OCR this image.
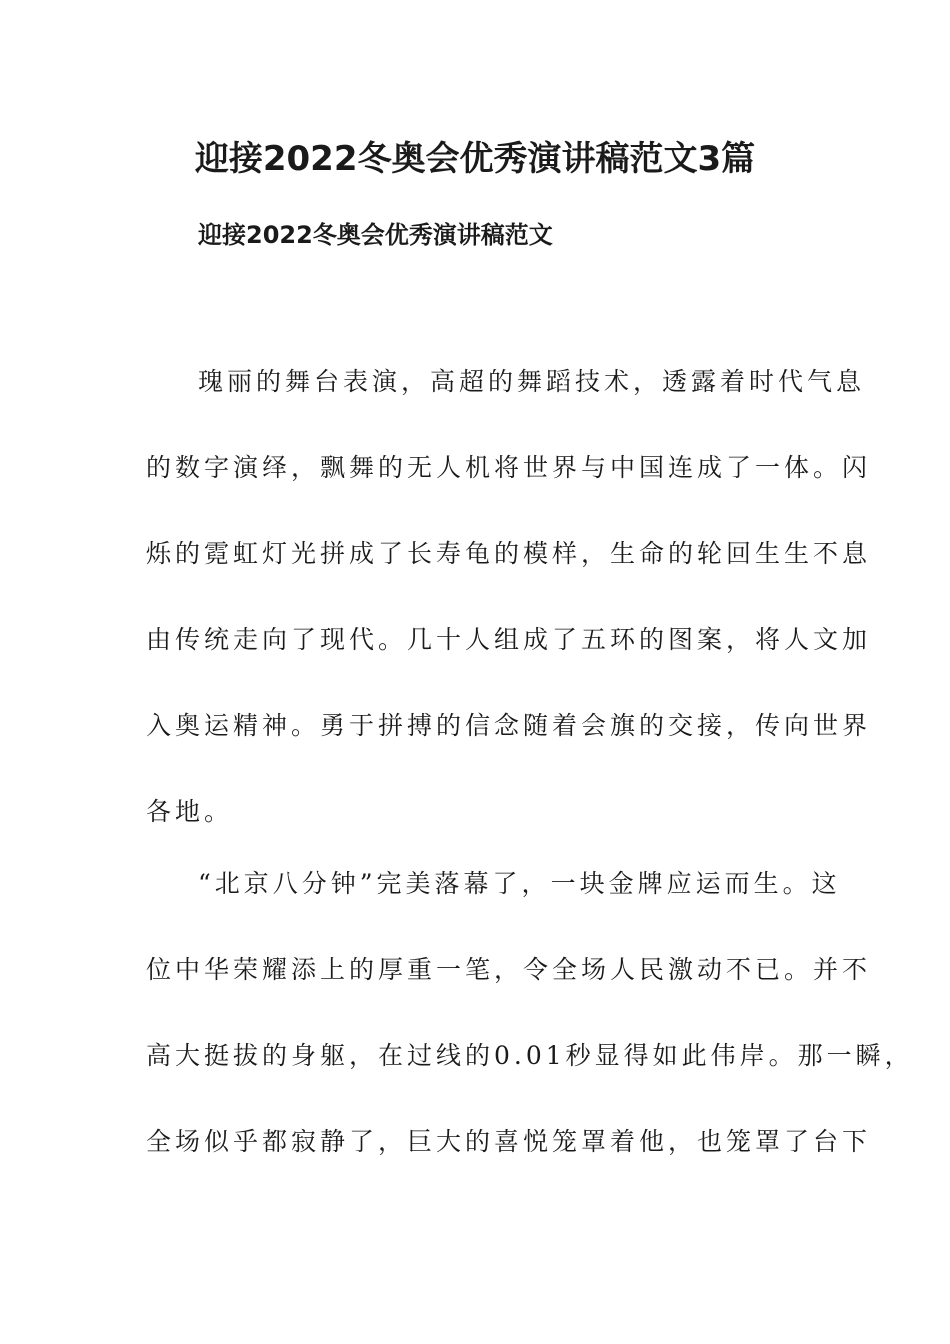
迎接2022冬奥会优秀演讲稿范文3篇
迎接2022冬奥会优秀演讲稿范文

瑰丽的舞台表演，高超的舞蹈技术，透露着时代气息

的数字演绎，飘舞的无人机将世界与中国连成了一体。闪

烁的霓虹灯光拼成了长寿龟的模样，生命的轮回生生不息

由传统走向了现代。几十人组成了五环的图案，将人文加

入奥运精神。勇于拼搏的信念随着会旗的交接，传向世界

各地。

“北京八分钟”完美落幕了，一块金牌应运而生。这

位中华荣耀添上的厚重一笔，令全场人民激动不已。并不

高大挺拔的身躯，在过线的0.01秒显得如此伟岸。那一瞬，

全场似乎都寂静了，巨大的喜悦笼罩着他，也笼罩了台下
